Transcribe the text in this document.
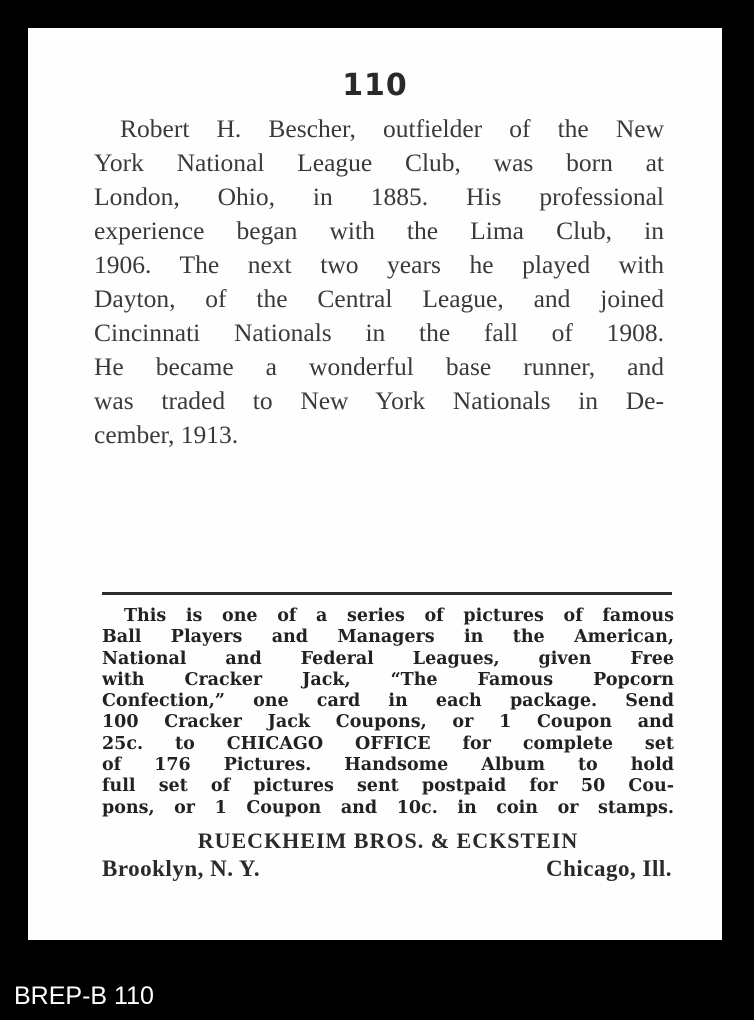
110
Robert H. Bescher, outfielder of the New
York National League Club, was born at
London, Ohio, in 1885. His professional
experience began with the Lima Club, in
1906. The next two years he played with
Dayton, of the Central League, and joined
Cincinnati Nationals in the fall of 1908.
He became a wonderful base runner, and
was traded to New York Nationals in De-
cember, 1913.
This is one of a series of pictures of famous
Ball Players and Managers in the American,
National and Federal Leagues, given Free
with Cracker Jack, “The Famous Popcorn
Confection,” one card in each package. Send
100 Cracker Jack Coupons, or 1 Coupon and
25c. to CHICAGO OFFICE for complete set
of 176 Pictures. Handsome Album to hold
full set of pictures sent postpaid for 50 Cou-
pons, or 1 Coupon and 10c. in coin or stamps.
RUECKHEIM BROS. & ECKSTEIN
Brooklyn, N. Y.	Chicago, Ill.
BREP-B 110
